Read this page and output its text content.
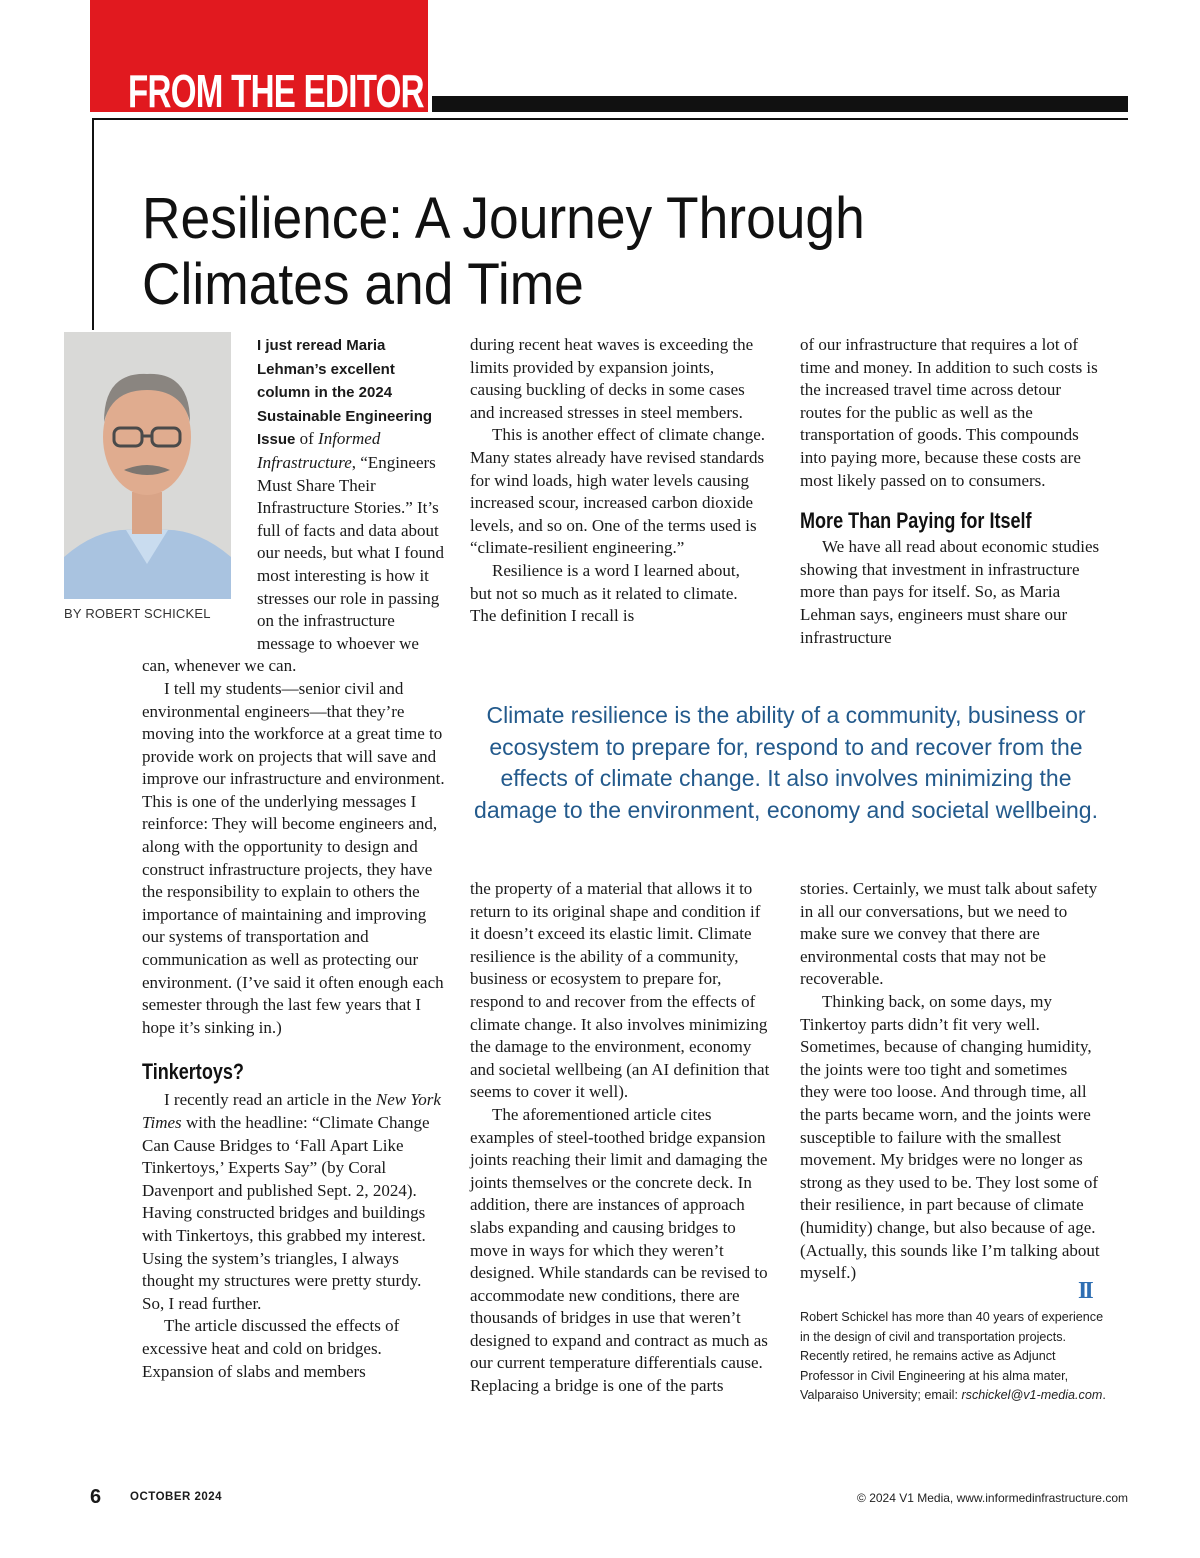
FROM THE EDITOR
Resilience: A Journey Through
Climates and Time
BY ROBERT SCHICKEL

I just reread Maria Lehman’s excellent column in the 2024 Sustainable Engineering Issue of Informed Infrastructure, “Engineers Must Share Their Infrastructure Stories.” It’s full of facts and data about our needs, but what I found most interesting is how it stresses our role in passing on the infrastructure message to whoever we can, whenever we can.

I tell my students—senior civil and environmental engineers—that they’re moving into the workforce at a great time to provide work on projects that will save and improve our infrastructure and environment. This is one of the underlying messages I reinforce: They will become engineers and, along with the opportunity to design and construct infrastructure projects, they have the responsibility to explain to others the importance of maintaining and improving our systems of transportation and communication as well as protecting our environment. (I’ve said it often enough each semester through the last few years that I hope it’s sinking in.)

Tinkertoys?

I recently read an article in the New York Times with the headline: “Climate Change Can Cause Bridges to ‘Fall Apart Like Tinkertoys,’ Experts Say” (by Coral Davenport and published Sept. 2, 2024). Having constructed bridges and buildings with Tinkertoys, this grabbed my interest. Using the system’s triangles, I always thought my structures were pretty sturdy. So, I read further.

The article discussed the effects of excessive heat and cold on bridges. Expansion of slabs and members

during recent heat waves is exceeding the limits provided by expansion joints, causing buckling of decks in some cases and increased stresses in steel members.

This is another effect of climate change. Many states already have revised standards for wind loads, high water levels causing increased scour, increased carbon dioxide levels, and so on. One of the terms used is “climate-resilient engineering.”

Resilience is a word I learned about, but not so much as it related to climate. The definition I recall is

of our infrastructure that requires a lot of time and money. In addition to such costs is the increased travel time across detour routes for the public as well as the transportation of goods. This compounds into paying more, because these costs are most likely passed on to consumers.

More Than Paying for Itself

We have all read about economic studies showing that investment in infrastructure more than pays for itself. So, as Maria Lehman says, engineers must share our infrastructure

Climate resilience is the ability of a community, business or ecosystem to prepare for, respond to and recover from the effects of climate change. It also involves minimizing the damage to the environment, economy and societal wellbeing.

the property of a material that allows it to return to its original shape and condition if it doesn’t exceed its elastic limit. Climate resilience is the ability of a community, business or ecosystem to prepare for, respond to and recover from the effects of climate change. It also involves minimizing the damage to the environment, economy and societal wellbeing (an AI definition that seems to cover it well).

The aforementioned article cites examples of steel-toothed bridge expansion joints reaching their limit and damaging the joints themselves or the concrete deck. In addition, there are instances of approach slabs expanding and causing bridges to move in ways for which they weren’t designed. While standards can be revised to accommodate new conditions, there are thousands of bridges in use that weren’t designed to expand and contract as much as our current temperature differentials cause. Replacing a bridge is one of the parts

stories. Certainly, we must talk about safety in all our conversations, but we need to make sure we convey that there are environmental costs that may not be recoverable.

Thinking back, on some days, my Tinkertoy parts didn’t fit very well. Sometimes, because of changing humidity, the joints were too tight and sometimes they were too loose. And through time, all the parts became worn, and the joints were susceptible to failure with the smallest movement. My bridges were no longer as strong as they used to be. They lost some of their resilience, in part because of climate (humidity) change, but also because of age. (Actually, this sounds like I’m talking about myself.)

II
Robert Schickel has more than 40 years of experience in the design of civil and transportation projects. Recently retired, he remains active as Adjunct Professor in Civil Engineering at his alma mater, Valparaiso University; email: rschickel@v1-media.com.
6	OCTOBER 2024	© 2024 V1 Media, www.informedinfrastructure.com
